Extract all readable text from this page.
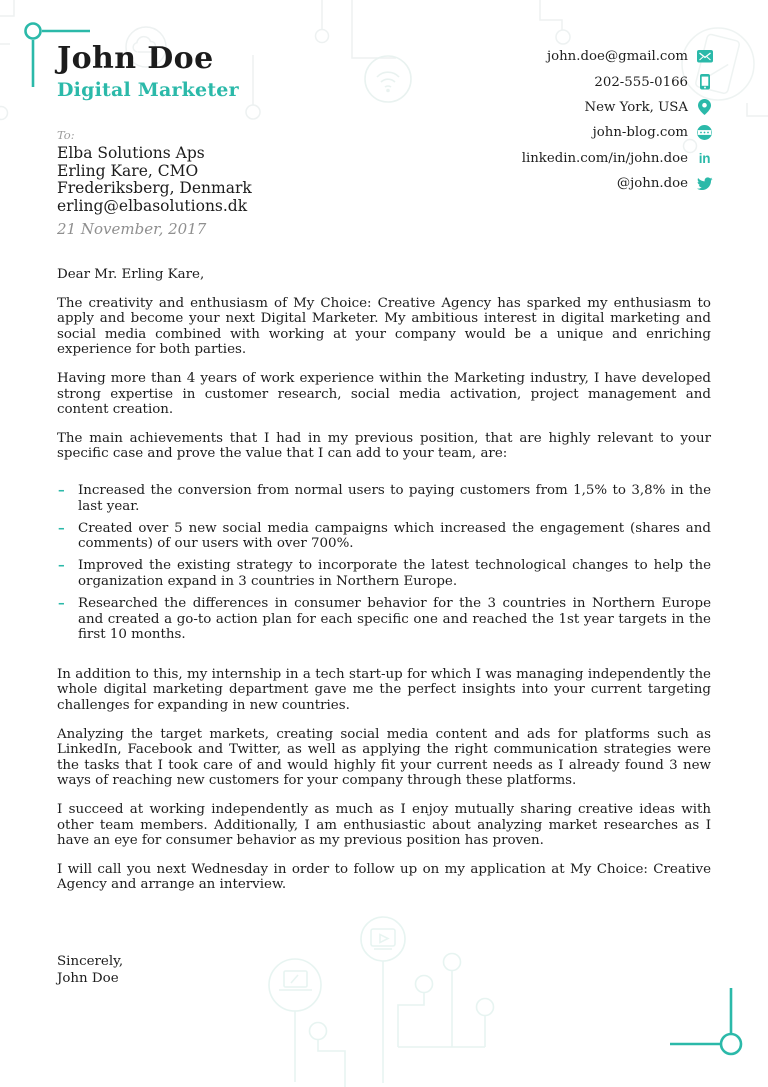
John Doe
Digital Marketer
john.doe@gmail.com
202-555-0166
New York, USA
john-blog.com
linkedin.com/in/john.doe in
@john.doe
To:
Elba Solutions Aps
Erling Kare, CMO
Frederiksberg, Denmark
erling@elbasolutions.dk
21 November, 2017
Dear Mr. Erling Kare,

The creativity and enthusiasm of My Choice: Creative Agency has sparked my enthusiasm to apply and become your next Digital Marketer. My ambitious interest in digital marketing and social media combined with working at your company would be a unique and enriching experience for both parties.

Having more than 4 years of work experience within the Marketing industry, I have developed strong expertise in customer research, social media activation, project management and content creation.

The main achievements that I had in my previous position, that are highly relevant to your specific case and prove the value that I can add to your team, are:

– Increased the conversion from normal users to paying customers from 1,5% to 3,8% in the last year.
– Created over 5 new social media campaigns which increased the engagement (shares and comments) of our users with over 700%.
– Improved the existing strategy to incorporate the latest technological changes to help the organization expand in 3 countries in Northern Europe.
– Researched the differences in consumer behavior for the 3 countries in Northern Europe and created a go-to action plan for each specific one and reached the 1st year targets in the first 10 months.

In addition to this, my internship in a tech start-up for which I was managing independently the whole digital marketing department gave me the perfect insights into your current targeting challenges for expanding in new countries.

Analyzing the target markets, creating social media content and ads for platforms such as LinkedIn, Facebook and Twitter, as well as applying the right communication strategies were the tasks that I took care of and would highly fit your current needs as I already found 3 new ways of reaching new customers for your company through these platforms.

I succeed at working independently as much as I enjoy mutually sharing creative ideas with other team members. Additionally, I am enthusiastic about analyzing market researches as I have an eye for consumer behavior as my previous position has proven.

I will call you next Wednesday in order to follow up on my application at My Choice: Creative Agency and arrange an interview.

Sincerely,
John Doe
